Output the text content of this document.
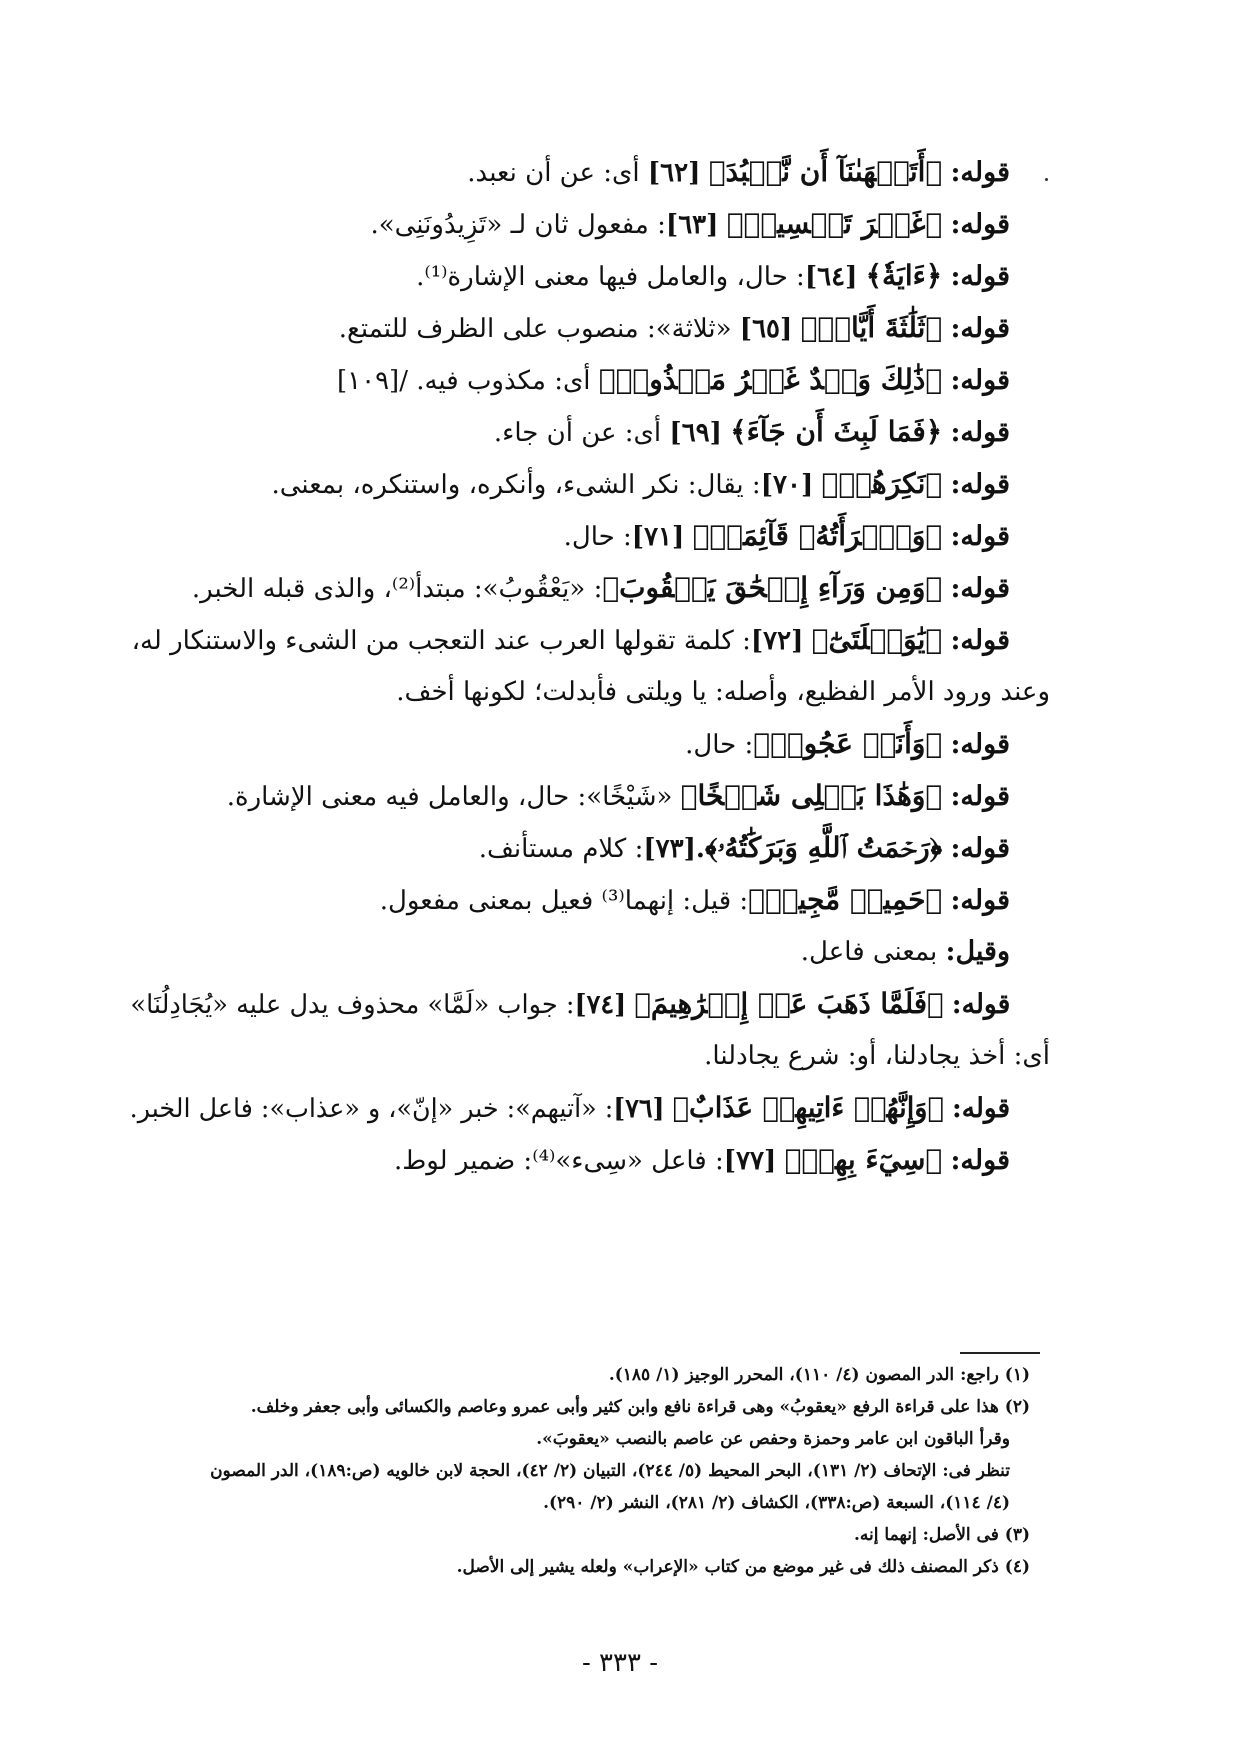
قوله: ﴿أَتَنۡهَىٰنَآ أَن نَّعۡبُدَ﴾ [٦٢] أى: عن أن نعبد.
قوله: ﴿غَيۡرَ تَخۡسِيرٖ﴾ [٦٣]: مفعول ثان لـ «تَزِيدُونَنِى».
قوله: ﴿ءَايَةٗ﴾ [٦٤]: حال، والعامل فيها معنى الإشارة⁽¹⁾.
قوله: ﴿ثَلَٰثَةَ أَيَّامٖ﴾ [٦٥] «ثلاثة»: منصوب على الظرف للتمتع.
قوله: ﴿ذَٰلِكَ وَعۡدٌ غَيۡرُ مَكۡذُوبٖ﴾ أى: مكذوب فيه. /[١٠٩]
قوله: ﴿فَمَا لَبِثَ أَن جَآءَ﴾ [٦٩] أى: عن أن جاء.
قوله: ﴿نَكِرَهُمۡ﴾ [٧٠]: يقال: نكر الشىء، وأنكره، واستنكره، بمعنى.
قوله: ﴿وَٱمۡرَأَتُهُۥ قَآئِمَةٞ﴾ [٧١]: حال.
قوله: ﴿وَمِن وَرَآءِ إِسۡحَٰقَ يَعۡقُوبَ﴾: «يَعْقُوبُ»: مبتدأ⁽²⁾، والذى قبله الخبر.
قوله: ﴿يَٰوَيۡلَتَىٰٓ﴾ [٧٢]: كلمة تقولها العرب عند التعجب من الشىء والاستنكار له،
وعند ورود الأمر الفظيع، وأصله: يا ويلتى فأبدلت؛ لكونها أخف.
قوله: ﴿وَأَنَا۠ عَجُوزٞ﴾: حال.
قوله: ﴿وَهَٰذَا بَعۡلِى شَيۡخًا﴾ «شَيْخًا»: حال، والعامل فيه معنى الإشارة.
قوله: ﴿رَحۡمَتُ ٱللَّهِ وَبَرَكَٰتُهُۥ﴾.[٧٣]: كلام مستأنف.
قوله: ﴿حَمِيدٞ مَّجِيدٞ﴾: قيل: إنهما⁽³⁾ فعيل بمعنى مفعول.
وقيل: بمعنى فاعل.
قوله: ﴿فَلَمَّا ذَهَبَ عَنۡ إِبۡرَٰهِيمَ﴾ [٧٤]: جواب «لَمَّا» محذوف يدل عليه «يُجَادِلُنَا»
أى: أخذ يجادلنا، أو: شرع يجادلنا.
قوله: ﴿وَإِنَّهُمۡ ءَاتِيهِمۡ عَذَابٌ﴾ [٧٦]: «آتيهم»: خبر «إنّ»، و «عذاب»: فاعل الخبر.
قوله: ﴿سِيٓءَ بِهِمۡ﴾ [٧٧]: فاعل «سِىء»⁽⁴⁾: ضمير لوط.
(١) راجع: الدر المصون (٤/ ١١٠)، المحرر الوجيز (١/ ١٨٥).
(٢) هذا على قراءة الرفع «يعقوبُ» وهى قراءة نافع وابن كثير وأبى عمرو وعاصم والكسائى وأبى جعفر وخلف.
وقرأ الباقون ابن عامر وحمزة وحفص عن عاصم بالنصب «يعقوبَ».
تنظر فى: الإتحاف (٢/ ١٣١)، البحر المحيط (٥/ ٢٤٤)، التبيان (٢/ ٤٢)، الحجة لابن خالويه (ص:١٨٩)، الدر المصون
(٤/ ١١٤)، السبعة (ص:٣٣٨)، الكشاف (٢/ ٢٨١)، النشر (٢/ ٢٩٠).
(٣) فى الأصل: إنهما إنه.
(٤) ذكر المصنف ذلك فى غير موضع من كتاب «الإعراب» ولعله يشير إلى الأصل.
- ٣٣٣ -
